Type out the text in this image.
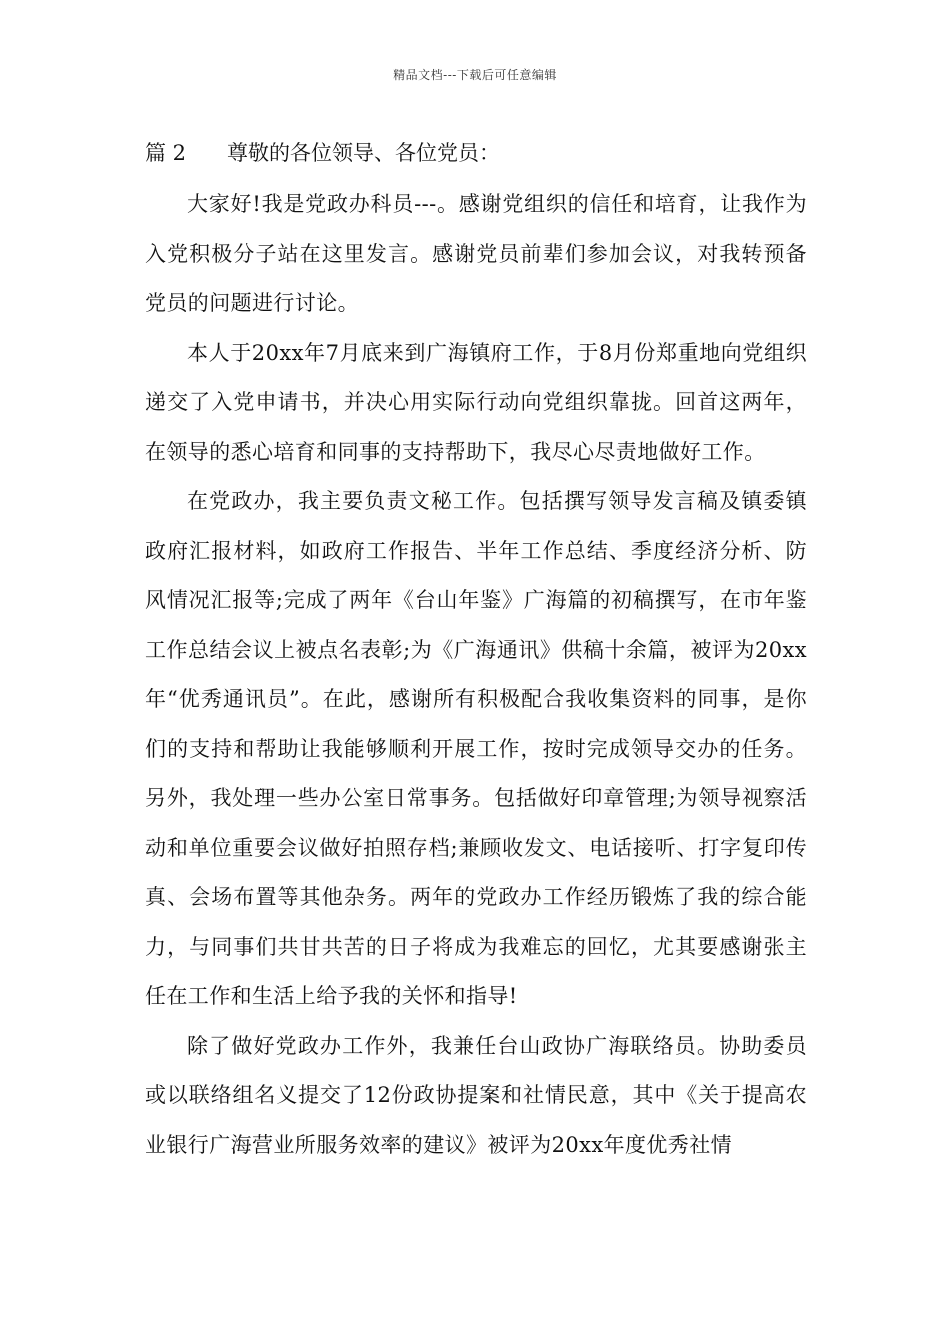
精品文档---下载后可任意编辑
篇 2 尊敬的各位领导、各位党员：

大家好!我是党政办科员---。感谢党组织的信任和培育，让我作为入党积极分子站在这里发言。感谢党员前辈们参加会议，对我转预备党员的问题进行讨论。

本人于20xx年7月底来到广海镇府工作，于8月份郑重地向党组织递交了入党申请书，并决心用实际行动向党组织靠拢。回首这两年，在领导的悉心培育和同事的支持帮助下，我尽心尽责地做好工作。

在党政办，我主要负责文秘工作。包括撰写领导发言稿及镇委镇政府汇报材料，如政府工作报告、半年工作总结、季度经济分析、防风情况汇报等;完成了两年《台山年鉴》广海篇的初稿撰写，在市年鉴工作总结会议上被点名表彰;为《广海通讯》供稿十余篇，被评为20xx年“优秀通讯员”。在此，感谢所有积极配合我收集资料的同事，是你们的支持和帮助让我能够顺利开展工作，按时完成领导交办的任务。另外，我处理一些办公室日常事务。包括做好印章管理;为领导视察活动和单位重要会议做好拍照存档;兼顾收发文、电话接听、打字复印传真、会场布置等其他杂务。两年的党政办工作经历锻炼了我的综合能力，与同事们共甘共苦的日子将成为我难忘的回忆，尤其要感谢张主任在工作和生活上给予我的关怀和指导!

除了做好党政办工作外，我兼任台山政协广海联络员。协助委员或以联络组名义提交了12份政协提案和社情民意，其中《关于提高农业银行广海营业所服务效率的建议》被评为20xx年度优秀社情
